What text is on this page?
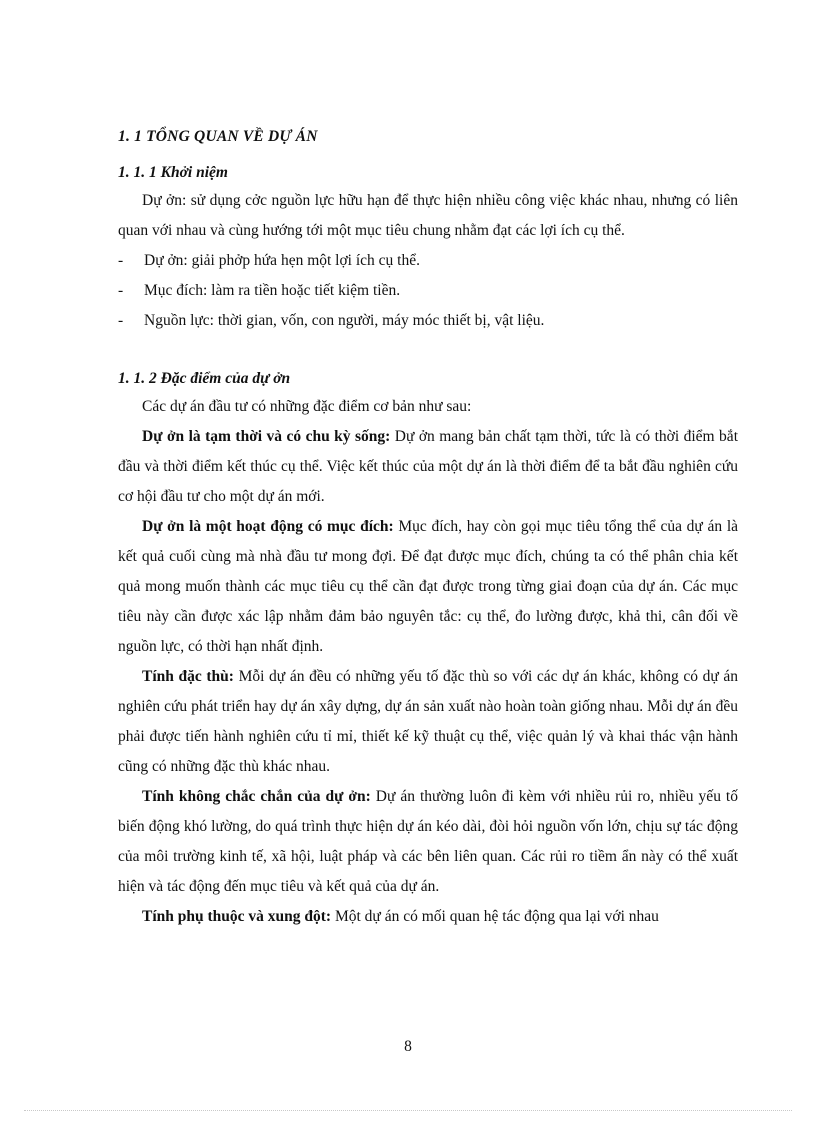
1. 1 TỔNG QUAN VỀ DỰ ÁN
1. 1. 1 Khởi niệm

Dự ởn: sử dụng cởc nguồn lực hữu hạn để thực hiện nhiều công việc khác nhau, nhưng có liên quan với nhau và cùng hướng tới một mục tiêu chung nhằm đạt các lợi ích cụ thể.

-	Dự ởn: giải phởp hứa hẹn một lợi ích cụ thể.
-	Mục đích: làm ra tiền hoặc tiết kiệm tiền.
-	Nguồn lực: thời gian, vốn, con người, máy móc thiết bị, vật liệu.
1. 1. 2 Đặc điểm của dự ởn

Các dự án đầu tư có những đặc điểm cơ bản như sau:

Dự ởn là tạm thời và có chu kỳ sống: Dự ởn mang bản chất tạm thời, tức là có thời điểm bắt đầu và thời điểm kết thúc cụ thể. Việc kết thúc của một dự án là thời điểm để ta bắt đầu nghiên cứu cơ hội đầu tư cho một dự án mới.

Dự ởn là một hoạt động có mục đích: Mục đích, hay còn gọi mục tiêu tổng thể của dự án là kết quả cuối cùng mà nhà đầu tư mong đợi. Để đạt được mục đích, chúng ta có thể phân chia kết quả mong muốn thành các mục tiêu cụ thể cần đạt được trong từng giai đoạn của dự án. Các mục tiêu này cần được xác lập nhằm đảm bảo nguyên tắc: cụ thể, đo lường được, khả thi, cân đối về nguồn lực, có thời hạn nhất định.

Tính đặc thù: Mỗi dự án đều có những yếu tố đặc thù so với các dự án khác, không có dự án nghiên cứu phát triển hay dự án xây dựng, dự án sản xuất nào hoàn toàn giống nhau. Mỗi dự án đều phải được tiến hành nghiên cứu tỉ mỉ, thiết kế kỹ thuật cụ thể, việc quản lý và khai thác vận hành cũng có những đặc thù khác nhau.

Tính không chắc chắn của dự ởn: Dự án thường luôn đi kèm với nhiều rủi ro, nhiều yếu tố biến động khó lường, do quá trình thực hiện dự án kéo dài, đòi hỏi nguồn vốn lớn, chịu sự tác động của môi trường kinh tế, xã hội, luật pháp và các bên liên quan. Các rủi ro tiềm ẩn này có thể xuất hiện và tác động đến mục tiêu và kết quả của dự án.

Tính phụ thuộc và xung đột: Một dự án có mối quan hệ tác động qua lại với nhau

8
